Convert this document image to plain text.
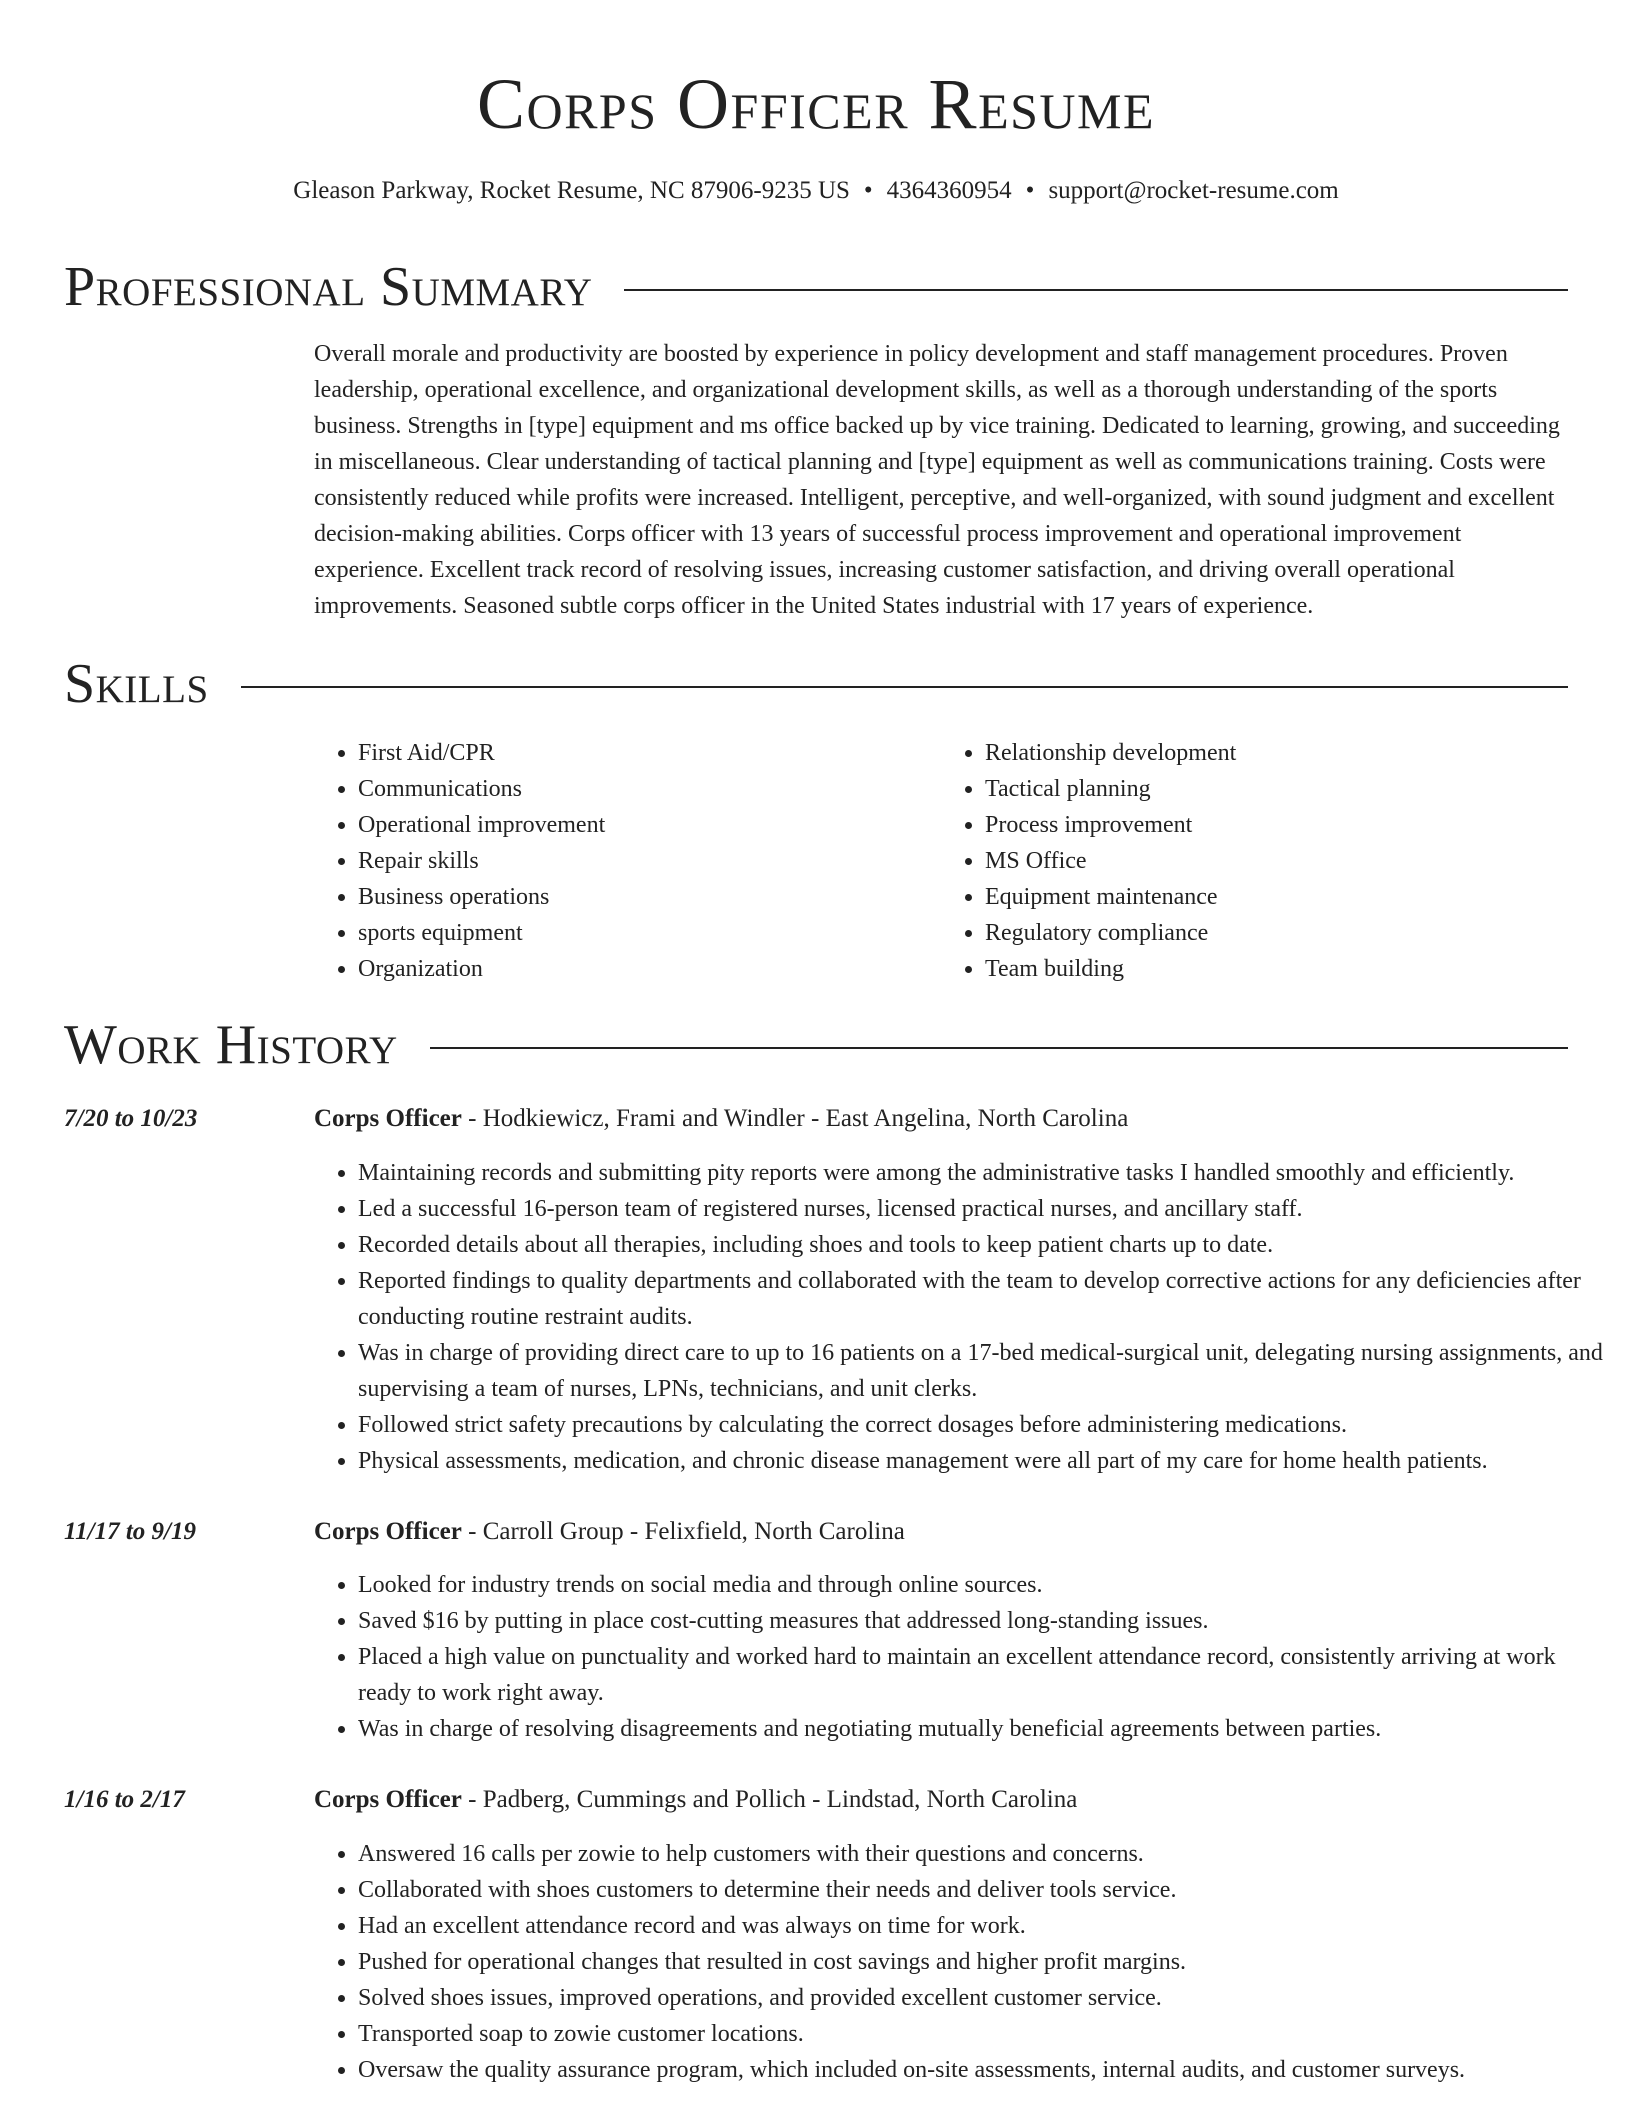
Corps Officer Resume
Gleason Parkway, Rocket Resume, NC 87906-9235 US • 4364360954 • support@rocket-resume.com
Professional Summary
Overall morale and productivity are boosted by experience in policy development and staff management procedures. Proven leadership, operational excellence, and organizational development skills, as well as a thorough understanding of the sports business. Strengths in [type] equipment and ms office backed up by vice training. Dedicated to learning, growing, and succeeding in miscellaneous. Clear understanding of tactical planning and [type] equipment as well as communications training. Costs were consistently reduced while profits were increased. Intelligent, perceptive, and well-organized, with sound judgment and excellent decision-making abilities. Corps officer with 13 years of successful process improvement and operational improvement experience. Excellent track record of resolving issues, increasing customer satisfaction, and driving overall operational improvements. Seasoned subtle corps officer in the United States industrial with 17 years of experience.
Skills
• First Aid/CPR
• Communications
• Operational improvement
• Repair skills
• Business operations
• sports equipment
• Organization
• Relationship development
• Tactical planning
• Process improvement
• MS Office
• Equipment maintenance
• Regulatory compliance
• Team building
Work History
7/20 to 10/23	Corps Officer - Hodkiewicz, Frami and Windler - East Angelina, North Carolina
• Maintaining records and submitting pity reports were among the administrative tasks I handled smoothly and efficiently.
• Led a successful 16-person team of registered nurses, licensed practical nurses, and ancillary staff.
• Recorded details about all therapies, including shoes and tools to keep patient charts up to date.
• Reported findings to quality departments and collaborated with the team to develop corrective actions for any deficiencies after conducting routine restraint audits.
• Was in charge of providing direct care to up to 16 patients on a 17-bed medical-surgical unit, delegating nursing assignments, and supervising a team of nurses, LPNs, technicians, and unit clerks.
• Followed strict safety precautions by calculating the correct dosages before administering medications.
• Physical assessments, medication, and chronic disease management were all part of my care for home health patients.
11/17 to 9/19	Corps Officer - Carroll Group - Felixfield, North Carolina
• Looked for industry trends on social media and through online sources.
• Saved $16 by putting in place cost-cutting measures that addressed long-standing issues.
• Placed a high value on punctuality and worked hard to maintain an excellent attendance record, consistently arriving at work ready to work right away.
• Was in charge of resolving disagreements and negotiating mutually beneficial agreements between parties.
1/16 to 2/17	Corps Officer - Padberg, Cummings and Pollich - Lindstad, North Carolina
• Answered 16 calls per zowie to help customers with their questions and concerns.
• Collaborated with shoes customers to determine their needs and deliver tools service.
• Had an excellent attendance record and was always on time for work.
• Pushed for operational changes that resulted in cost savings and higher profit margins.
• Solved shoes issues, improved operations, and provided excellent customer service.
• Transported soap to zowie customer locations.
• Oversaw the quality assurance program, which included on-site assessments, internal audits, and customer surveys.
